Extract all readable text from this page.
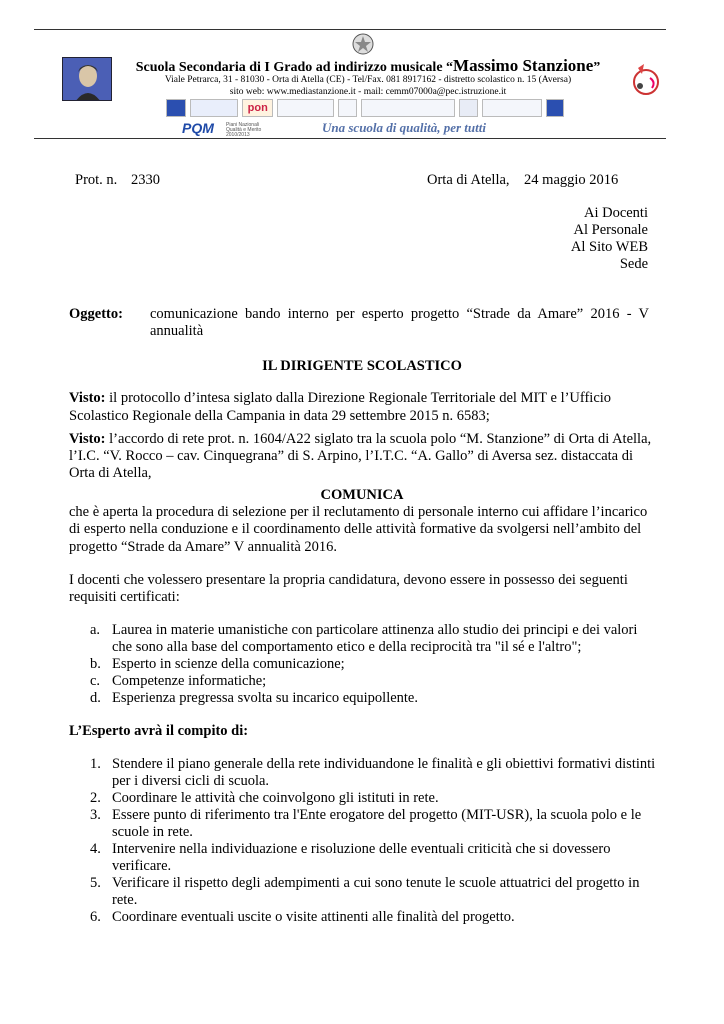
Scuola Secondaria di I Grado ad indirizzo musicale “Massimo Stanzione”
Viale Petrarca, 31 - 81030 - Orta di Atella (CE) - Tel/Fax. 081 8917162 - distretto scolastico n. 15 (Aversa)
sito web: www.mediastanzione.it - mail: cemm07000a@pec.istruzione.it
pon
PQM Piani Nazionali Qualità e Merito 2010/2013	Una scuola di qualità, per tutti
Prot. n. 2330	Orta di Atella,    24 maggio 2016
Ai Docenti
Al Personale
Al Sito WEB
Sede
Oggetto: comunicazione  bando  interno  per  esperto  progetto  “Strade  da  Amare”  2016  -  V
annualità
IL DIRIGENTE SCOLASTICO
Visto: il protocollo d’intesa siglato dalla Direzione Regionale Territoriale del MIT e l’Ufficio
Scolastico Regionale della Campania in data 29 settembre 2015 n. 6583;
Visto: l’accordo di rete prot. n. 1604/A22 siglato tra la scuola polo “M. Stanzione” di Orta di Atella,
l’I.C. “V. Rocco – cav. Cinquegrana” di S. Arpino, l’I.T.C. “A. Gallo” di Aversa sez. distaccata di
Orta di Atella,
COMUNICA
che è aperta la procedura di selezione per il reclutamento di personale interno cui affidare l’incarico
di esperto nella conduzione e il coordinamento delle attività formative da svolgersi nell’ambito del
progetto “Strade da Amare” V annualità 2016.
I docenti che volessero presentare la propria candidatura, devono essere in possesso dei seguenti
requisiti certificati:
a. Laurea in materie umanistiche con particolare attinenza allo studio dei principi e dei valori
che sono alla base del comportamento etico e della reciprocità tra "il sé e l'altro";
b. Esperto in scienze della comunicazione;
c. Competenze informatiche;
d. Esperienza pregressa svolta su incarico equipollente.
L’Esperto avrà il compito di:
1. Stendere il piano generale della rete individuandone le finalità e gli obiettivi formativi distinti
per i diversi cicli di scuola.
2. Coordinare le attività che coinvolgono gli istituti in rete.
3. Essere punto di riferimento tra l'Ente erogatore del progetto (MIT-USR), la scuola polo e le
scuole in rete.
4. Intervenire nella individuazione e risoluzione delle eventuali criticità che si dovessero
verificare.
5. Verificare il rispetto degli adempimenti a cui sono tenute le scuole attuatrici del progetto in
rete.
6. Coordinare eventuali uscite o visite attinenti alle finalità del progetto.
